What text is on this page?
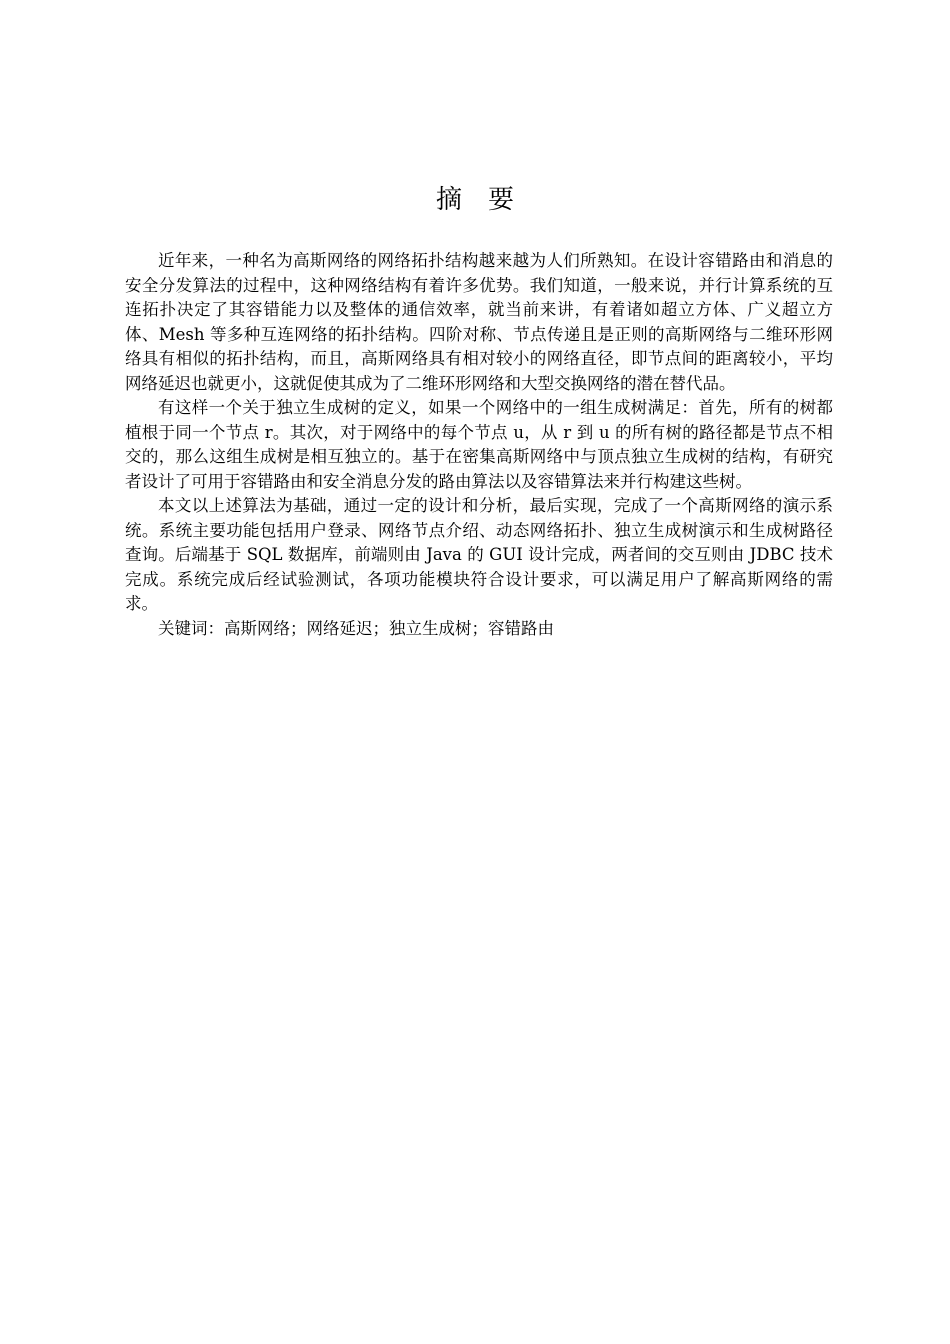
摘 要

近年来，一种名为高斯网络的网络拓扑结构越来越为人们所熟知。在设计容错路由和消息的安全分发算法的过程中，这种网络结构有着许多优势。我们知道，一般来说，并行计算系统的互连拓扑决定了其容错能力以及整体的通信效率，就当前来讲，有着诸如超立方体、广义超立方体、Mesh 等多种互连网络的拓扑结构。四阶对称、节点传递且是正则的高斯网络与二维环形网络具有相似的拓扑结构，而且，高斯网络具有相对较小的网络直径，即节点间的距离较小，平均网络延迟也就更小，这就促使其成为了二维环形网络和大型交换网络的潜在替代品。

有这样一个关于独立生成树的定义，如果一个网络中的一组生成树满足：首先，所有的树都植根于同一个节点 r。其次，对于网络中的每个节点 u，从 r 到 u 的所有树的路径都是节点不相交的，那么这组生成树是相互独立的。基于在密集高斯网络中与顶点独立生成树的结构，有研究者设计了可用于容错路由和安全消息分发的路由算法以及容错算法来并行构建这些树。

本文以上述算法为基础，通过一定的设计和分析，最后实现，完成了一个高斯网络的演示系统。系统主要功能包括用户登录、网络节点介绍、动态网络拓扑、独立生成树演示和生成树路径查询。后端基于 SQL 数据库，前端则由 Java 的 GUI 设计完成，两者间的交互则由 JDBC 技术完成。系统完成后经试验测试，各项功能模块符合设计要求，可以满足用户了解高斯网络的需求。

关键词：高斯网络；网络延迟；独立生成树；容错路由
